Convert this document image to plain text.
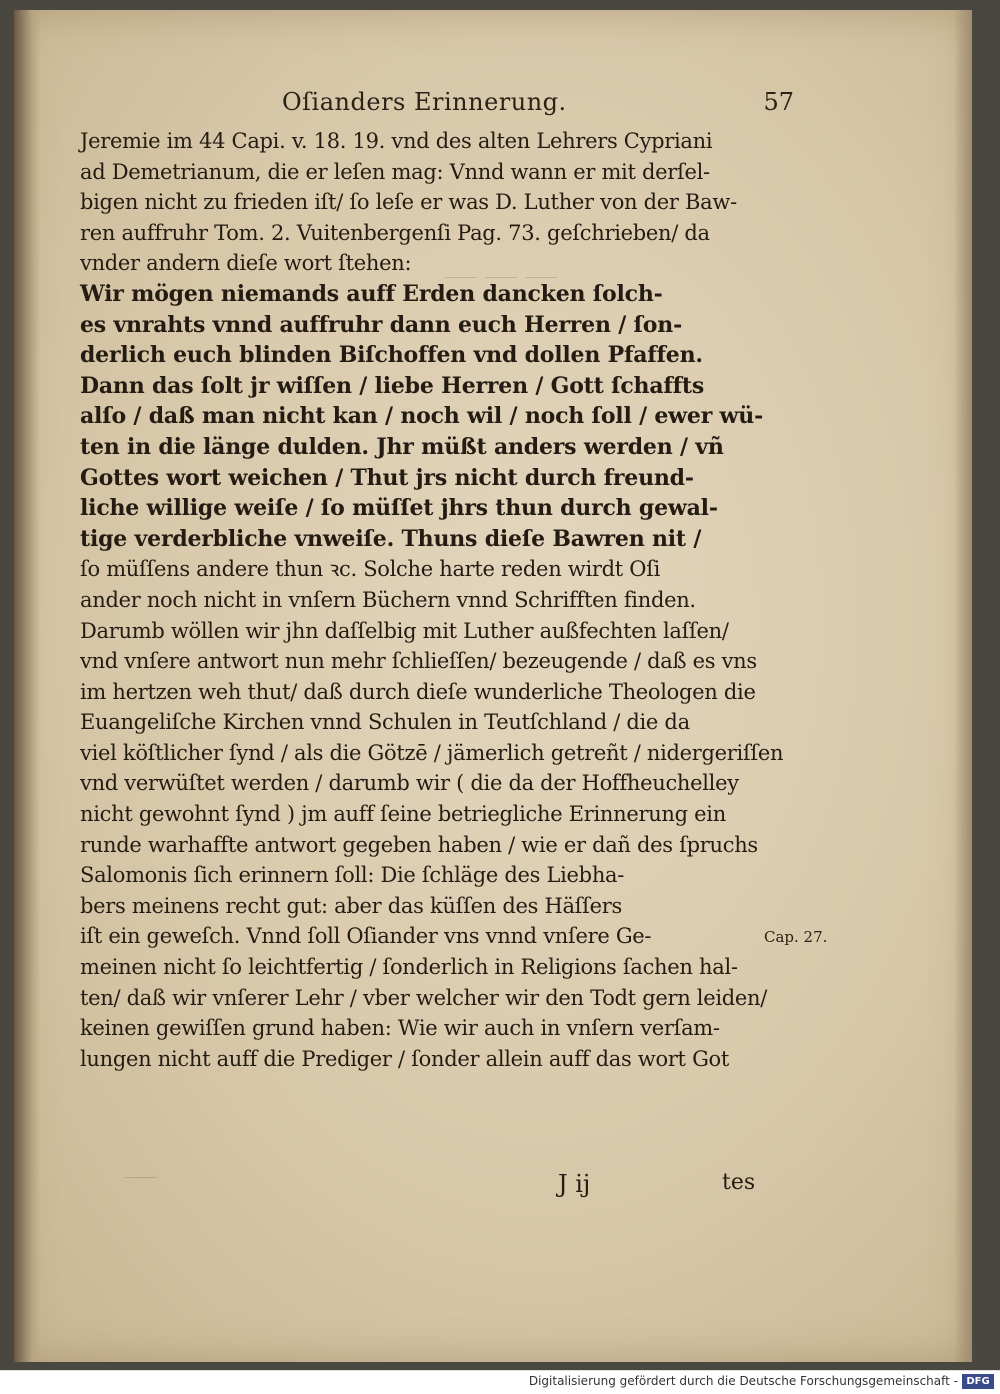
⸺ ⸺ ⸺
⸺
Oſianders Erinnerung.	57
Jeremie im 44 Capi. v. 18. 19. vnd des alten Lehrers Cypriani
ad Demetrianum, die er leſen mag: Vnnd wann er mit derſel-
bigen nicht zu frieden iſt/ ſo leſe er was D. Luther von der Baw-
ren auffruhr Tom. 2. Vuitenbergenſi Pag. 73. geſchrieben/ da
vnder andern dieſe wort ſtehen:
Wir mögen niemands auff Erden dancken ſolch-
es vnrahts vnnd auffruhr dann euch Herren / ſon-
derlich euch blinden Biſchoffen vnd dollen Pfaffen.
Dann das ſolt jr wiſſen / liebe Herren / Gott ſchaffts
alſo / daß man nicht kan / noch wil / noch ſoll / ewer wü-
ten in die länge dulden. Jhr müßt anders werden / vñ
Gottes wort weichen / Thut jrs nicht durch freund-
liche willige weiſe / ſo müſſet jhrs thun durch gewal-
tige verderbliche vnweiſe. Thuns dieſe Bawren nit /
ſo müſſens andere thun ꝛc. Solche harte reden wirdt Oſi
ander noch nicht in vnſern Büchern vnnd Schrifften finden.
Darumb wöllen wir jhn daſſelbig mit Luther außfechten laſſen/
vnd vnſere antwort nun mehr ſchlieſſen/ bezeugende / daß es vns
im hertzen weh thut/ daß durch dieſe wunderliche Theologen die
Euangeliſche Kirchen vnnd Schulen in Teutſchland / die da
viel köſtlicher ſynd / als die Götzē / jämerlich getreñt / nidergeriſſen
vnd verwüſtet werden / darumb wir ( die da der Hoffheuchelley
nicht gewohnt ſynd ) jm auff ſeine betriegliche Erinnerung ein
runde warhaffte antwort gegeben haben / wie er dañ des ſpruchs
Salomonis ſich erinnern ſoll: Die ſchläge des Liebha-
bers meinens recht gut: aber das küſſen des Häſſers
iſt ein geweſch. Vnnd ſoll Oſiander vns vnnd vnſere Ge-
meinen nicht ſo leichtfertig / ſonderlich in Religions ſachen hal-
ten/ daß wir vnſerer Lehr / vber welcher wir den Todt gern leiden/
keinen gewiſſen grund haben: Wie wir auch in vnſern verſam-
lungen nicht auff die Prediger / ſonder allein auff das wort Got
Cap. 27.
J ij	tes
Digitalisierung gefördert durch die Deutsche Forschungsgemeinschaft - DFG
